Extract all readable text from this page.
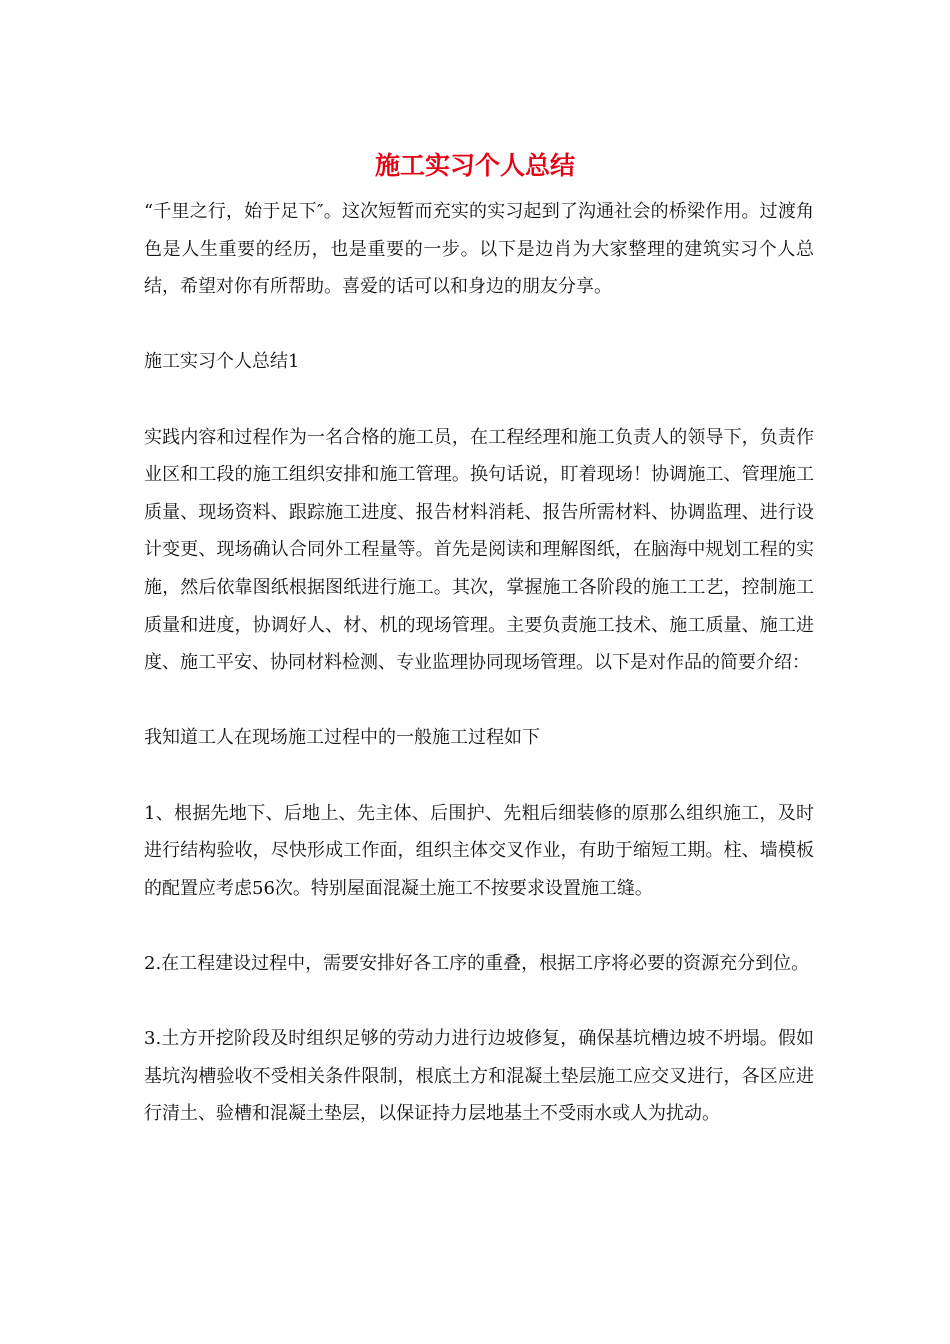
施工实习个人总结

“千里之行，始于足下″。这次短暂而充实的实习起到了沟通社会的桥梁作用。过渡角色是人生重要的经历，也是重要的一步。以下是边肖为大家整理的建筑实习个人总结，希望对你有所帮助。喜爱的话可以和身边的朋友分享。

施工实习个人总结1

实践内容和过程作为一名合格的施工员，在工程经理和施工负责人的领导下，负责作业区和工段的施工组织安排和施工管理。换句话说，盯着现场！协调施工、管理施工质量、现场资料、跟踪施工进度、报告材料消耗、报告所需材料、协调监理、进行设计变更、现场确认合同外工程量等。首先是阅读和理解图纸，在脑海中规划工程的实施，然后依靠图纸根据图纸进行施工。其次，掌握施工各阶段的施工工艺，控制施工质量和进度，协调好人、材、机的现场管理。主要负责施工技术、施工质量、施工进度、施工平安、协同材料检测、专业监理协同现场管理。以下是对作品的简要介绍：

我知道工人在现场施工过程中的一般施工过程如下

1、根据先地下、后地上、先主体、后围护、先粗后细装修的原那么组织施工，及时进行结构验收，尽快形成工作面，组织主体交叉作业，有助于缩短工期。柱、墙模板的配置应考虑56次。特别屋面混凝土施工不按要求设置施工缝。

2.在工程建设过程中，需要安排好各工序的重叠，根据工序将必要的资源充分到位。

3.土方开挖阶段及时组织足够的劳动力进行边坡修复，确保基坑槽边坡不坍塌。假如基坑沟槽验收不受相关条件限制，根底土方和混凝土垫层施工应交叉进行，各区应进行清土、验槽和混凝土垫层，以保证持力层地基土不受雨水或人为扰动。
